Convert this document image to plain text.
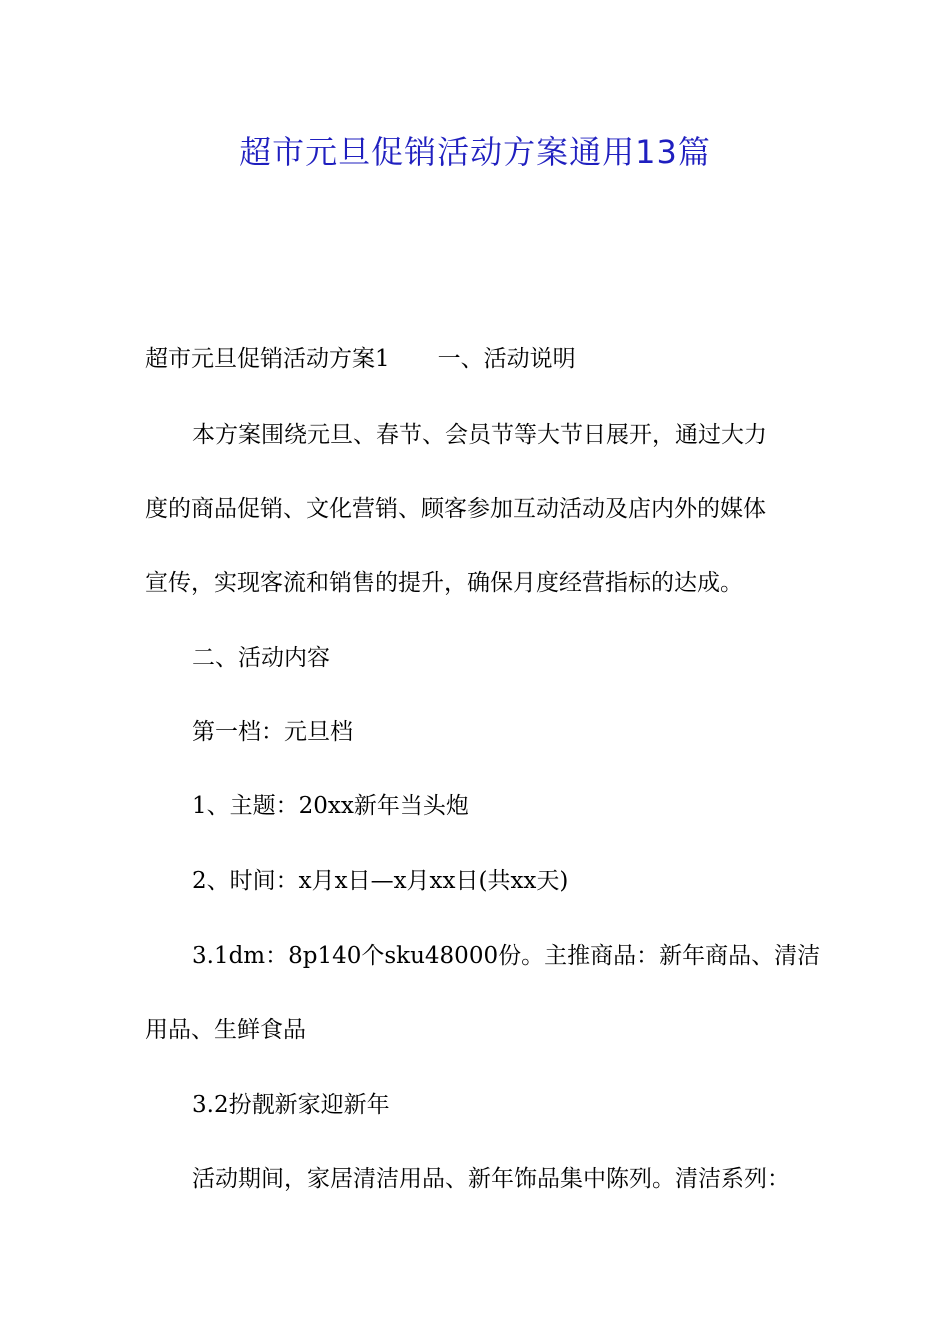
超市元旦促销活动方案通用13篇
超市元旦促销活动方案1 一、活动说明
本方案围绕元旦、春节、会员节等大节日展开，通过大力
度的商品促销、文化营销、顾客参加互动活动及店内外的媒体
宣传，实现客流和销售的提升，确保月度经营指标的达成。
二、活动内容
第一档：元旦档
1、主题：20xx新年当头炮
2、时间：x月x日—x月xx日(共xx天)
3.1dm：8p140个sku48000份。主推商品：新年商品、清洁
用品、生鲜食品
3.2扮靓新家迎新年
活动期间，家居清洁用品、新年饰品集中陈列。清洁系列：
